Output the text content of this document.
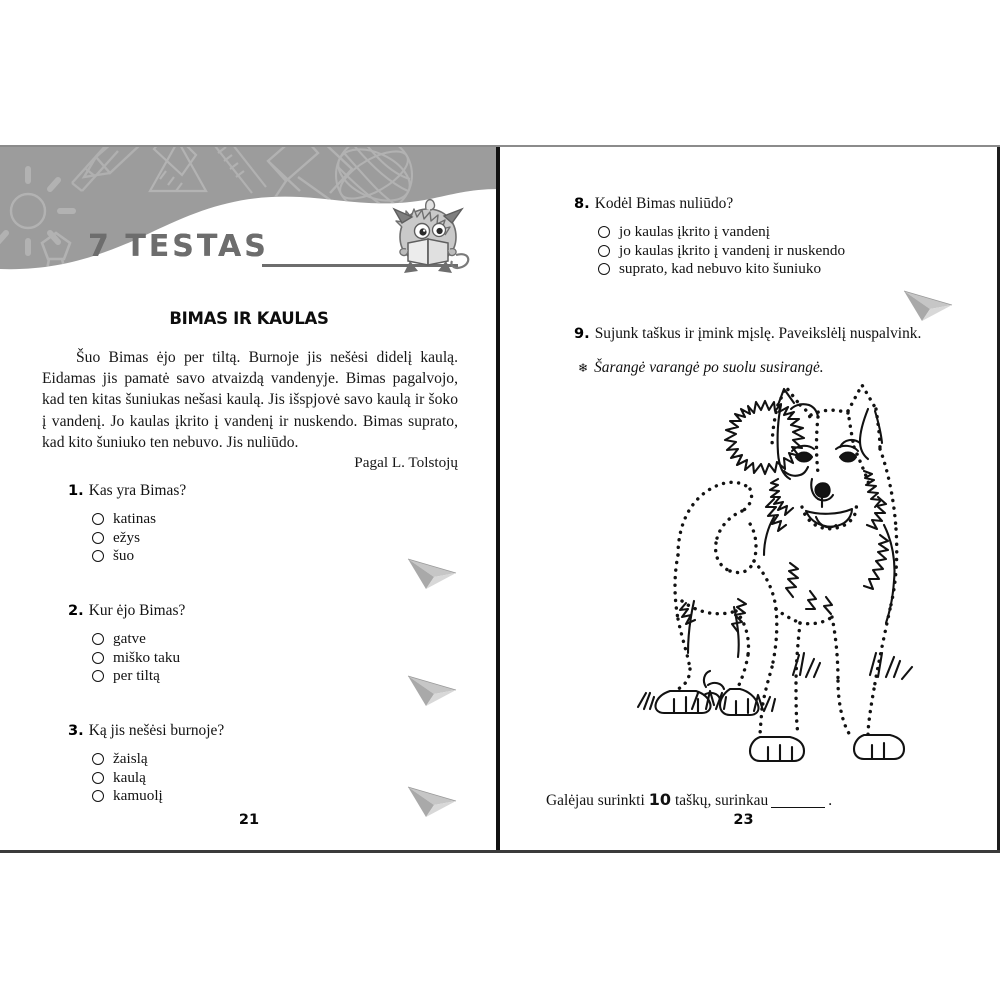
7 TESTAS
BIMAS IR KAULAS
Šuo Bimas ėjo per tiltą. Burnoje jis nešėsi didelį kaulą. Eidamas jis pamatė savo atvaizdą vandenyje. Bimas pagalvojo, kad ten kitas šuniukas nešasi kaulą. Jis išspjovė savo kaulą ir šoko į vandenį. Jo kaulas įkrito į vandenį ir nuskendo. Bimas suprato, kad kito šuniuko ten nebuvo. Jis nuliūdo.
Pagal L. Tolstojų
1. Kas yra Bimas?
katinas
ežys
šuo
2. Kur ėjo Bimas?
gatve
miško taku
per tiltą
3. Ką jis nešėsi burnoje?
žaislą
kaulą
kamuolį
21
8. Kodėl Bimas nuliūdo?
jo kaulas įkrito į vandenį
jo kaulas įkrito į vandenį ir nuskendo
suprato, kad nebuvo kito šuniuko
9. Sujunk taškus ir įmink mįslę. Paveikslėlį nuspalvink.
❄ Šarangė varangė po suolu susirangė.
Galėjau surinkti 10 taškų, surinkau	.
23
